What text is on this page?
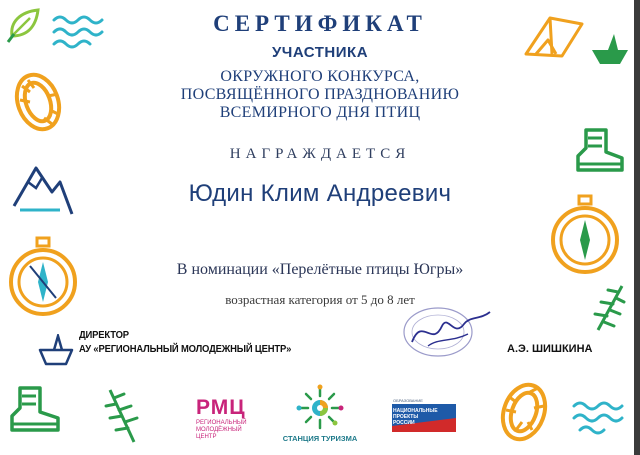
СЕРТИФИКАТ
УЧАСТНИКА
ОКРУЖНОГО КОНКУРСА,
ПОСВЯЩЁННОГО ПРАЗДНОВАНИЮ
ВСЕМИРНОГО ДНЯ ПТИЦ
НАГРАЖДАЕТСЯ
Юдин Клим Андреевич
В номинации «Перелётные птицы Югры»
возрастная категория от 5 до 8 лет
ДИРЕКТОР
АУ «РЕГИОНАЛЬНЫЙ МОЛОДЕЖНЫЙ ЦЕНТР»	А.Э. ШИШКИНА
РМЦ
РЕГИОНАЛЬНЫЙ
МОЛОДЁЖНЫЙ
ЦЕНТР	СТАНЦИЯ ТУРИЗМА
ОБРАЗОВАНИЕ
НАЦИОНАЛЬНЫЕ
ПРОЕКТЫ
РОССИИ
